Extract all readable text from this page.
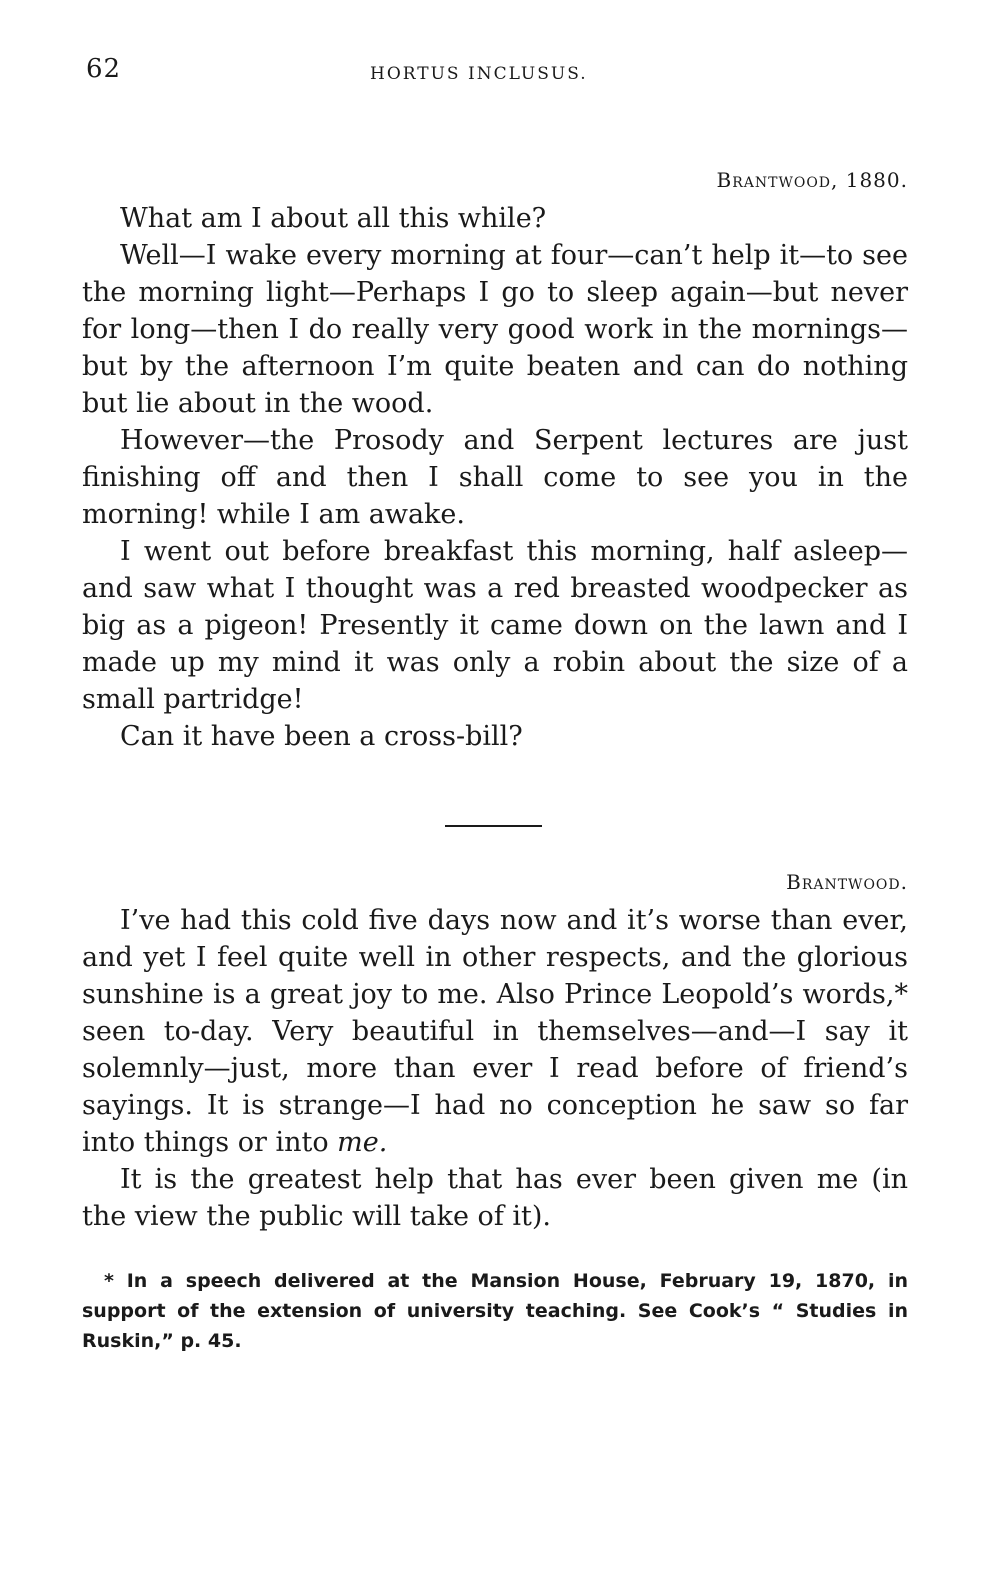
62	HORTUS INCLUSUS.

Brantwood, 1880.

What am I about all this while?

Well—I wake every morning at four—can’t help it—to see the morning light—Perhaps I go to sleep again—but never for long—then I do really very good work in the mornings—but by the afternoon I’m quite beaten and can do nothing but lie about in the wood.

However—the Prosody and Serpent lectures are just finishing off and then I shall come to see you in the morning! while I am awake.

I went out before breakfast this morning, half asleep—and saw what I thought was a red breasted woodpecker as big as a pigeon! Presently it came down on the lawn and I made up my mind it was only a robin about the size of a small partridge!

Can it have been a cross-bill?

Brantwood.

I’ve had this cold five days now and it’s worse than ever, and yet I feel quite well in other respects, and the glorious sunshine is a great joy to me. Also Prince Leopold’s words,* seen to-day. Very beautiful in themselves—and—I say it solemnly—just, more than ever I read before of friend’s sayings. It is strange—I had no conception he saw so far into things or into me.

It is the greatest help that has ever been given me (in the view the public will take of it).

* In a speech delivered at the Mansion House, February 19, 1870, in support of the extension of university teaching. See Cook’s “ Studies in Ruskin,” p. 45.
